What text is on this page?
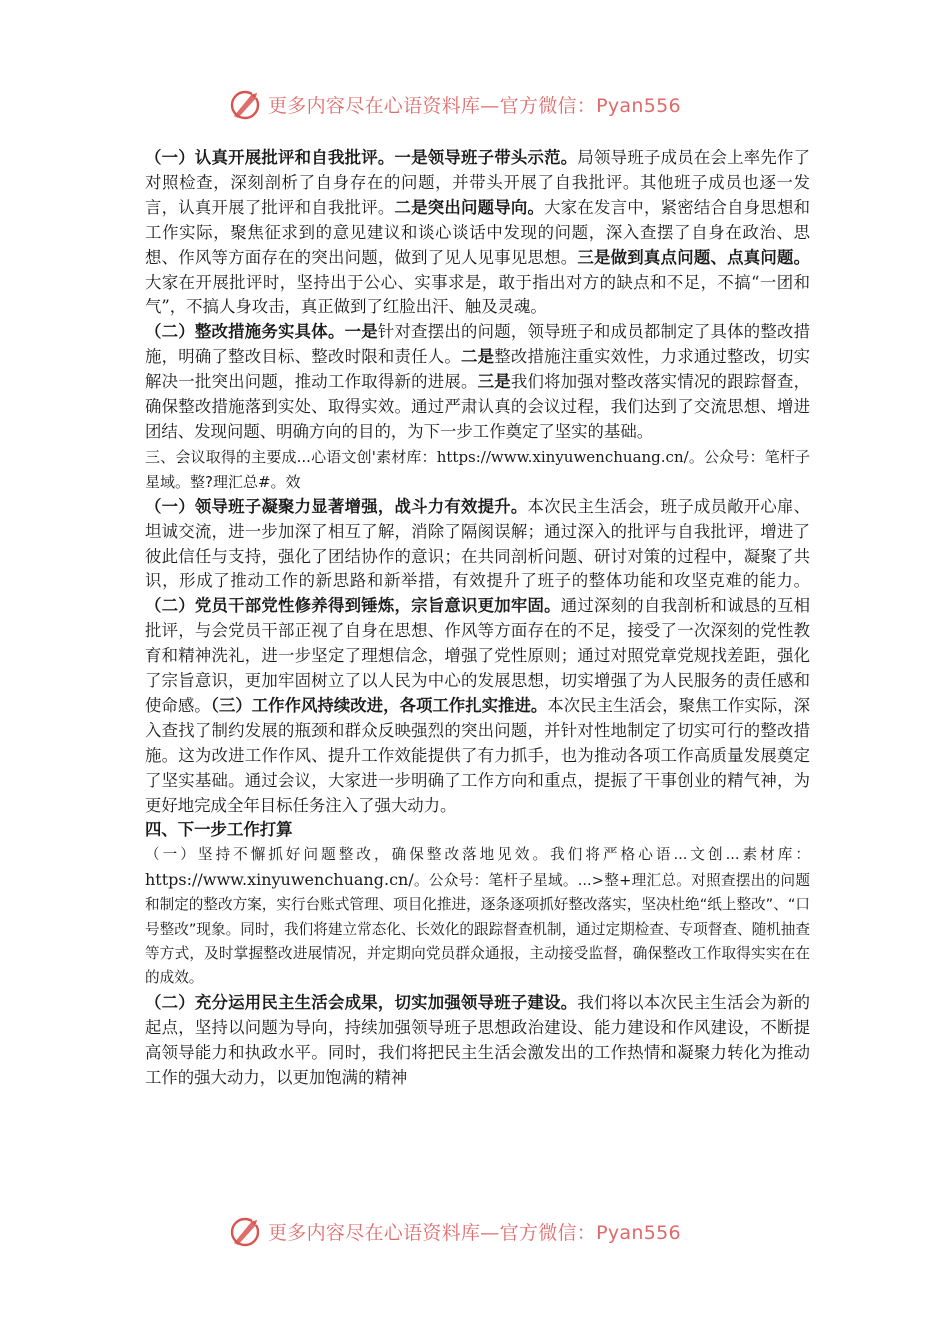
更多内容尽在心语资料库—官方微信：Pyan556

（一）认真开展批评和自我批评。一是领导班子带头示范。局领导班子成员在会上率先作了对照检查，深刻剖析了自身存在的问题，并带头开展了自我批评。其他班子成员也逐一发言，认真开展了批评和自我批评。二是突出问题导向。大家在发言中，紧密结合自身思想和工作实际，聚焦征求到的意见建议和谈心谈话中发现的问题，深入查摆了自身在政治、思想、作风等方面存在的突出问题，做到了见人见事见思想。三是做到真点问题、点真问题。大家在开展批评时，坚持出于公心、实事求是，敢于指出对方的缺点和不足，不搞“一团和气”，不搞人身攻击，真正做到了红脸出汗、触及灵魂。

（二）整改措施务实具体。一是针对查摆出的问题，领导班子和成员都制定了具体的整改措施，明确了整改目标、整改时限和责任人。二是整改措施注重实效性，力求通过整改，切实解决一批突出问题，推动工作取得新的进展。三是我们将加强对整改落实情况的跟踪督查，确保整改措施落到实处、取得实效。通过严肃认真的会议过程，我们达到了交流思想、增进团结、发现问题、明确方向的目的，为下一步工作奠定了坚实的基础。

三、会议取得的主要成...心语文创'素材库：https://www.xinyuwenchuang.cn/。公众号：笔杆子星域。整?理汇总#。效

（一）领导班子凝聚力显著增强，战斗力有效提升。本次民主生活会，班子成员敞开心扉、坦诚交流，进一步加深了相互了解，消除了隔阂误解；通过深入的批评与自我批评，增进了彼此信任与支持，强化了团结协作的意识；在共同剖析问题、研讨对策的过程中，凝聚了共识，形成了推动工作的新思路和新举措，有效提升了班子的整体功能和攻坚克难的能力。（二）党员干部党性修养得到锤炼，宗旨意识更加牢固。通过深刻的自我剖析和诚恳的互相批评，与会党员干部正视了自身在思想、作风等方面存在的不足，接受了一次深刻的党性教育和精神洗礼，进一步坚定了理想信念，增强了党性原则；通过对照党章党规找差距，强化了宗旨意识，更加牢固树立了以人民为中心的发展思想，切实增强了为人民服务的责任感和使命感。（三）工作作风持续改进，各项工作扎实推进。本次民主生活会，聚焦工作实际，深入查找了制约发展的瓶颈和群众反映强烈的突出问题，并针对性地制定了切实可行的整改措施。这为改进工作作风、提升工作效能提供了有力抓手，也为推动各项工作高质量发展奠定了坚实基础。通过会议，大家进一步明确了工作方向和重点，提振了干事创业的精气神，为更好地完成全年目标任务注入了强大动力。

四、下一步工作打算

（一）坚持不懈抓好问题整改，确保整改落地见效。我们将严格心语...文创...素材库：https://www.xinyuwenchuang.cn/。公众号：笔杆子星域。...>整+理汇总。对照查摆出的问题和制定的整改方案，实行台账式管理、项目化推进，逐条逐项抓好整改落实，坚决杜绝“纸上整改”、“口号整改”现象。同时，我们将建立常态化、长效化的跟踪督查机制，通过定期检查、专项督查、随机抽查等方式，及时掌握整改进展情况，并定期向党员群众通报，主动接受监督，确保整改工作取得实实在在的成效。

（二）充分运用民主生活会成果，切实加强领导班子建设。我们将以本次民主生活会为新的起点，坚持以问题为导向，持续加强领导班子思想政治建设、能力建设和作风建设，不断提高领导能力和执政水平。同时，我们将把民主生活会激发出的工作热情和凝聚力转化为推动工作的强大动力，以更加饱满的精神

更多内容尽在心语资料库—官方微信：Pyan556
